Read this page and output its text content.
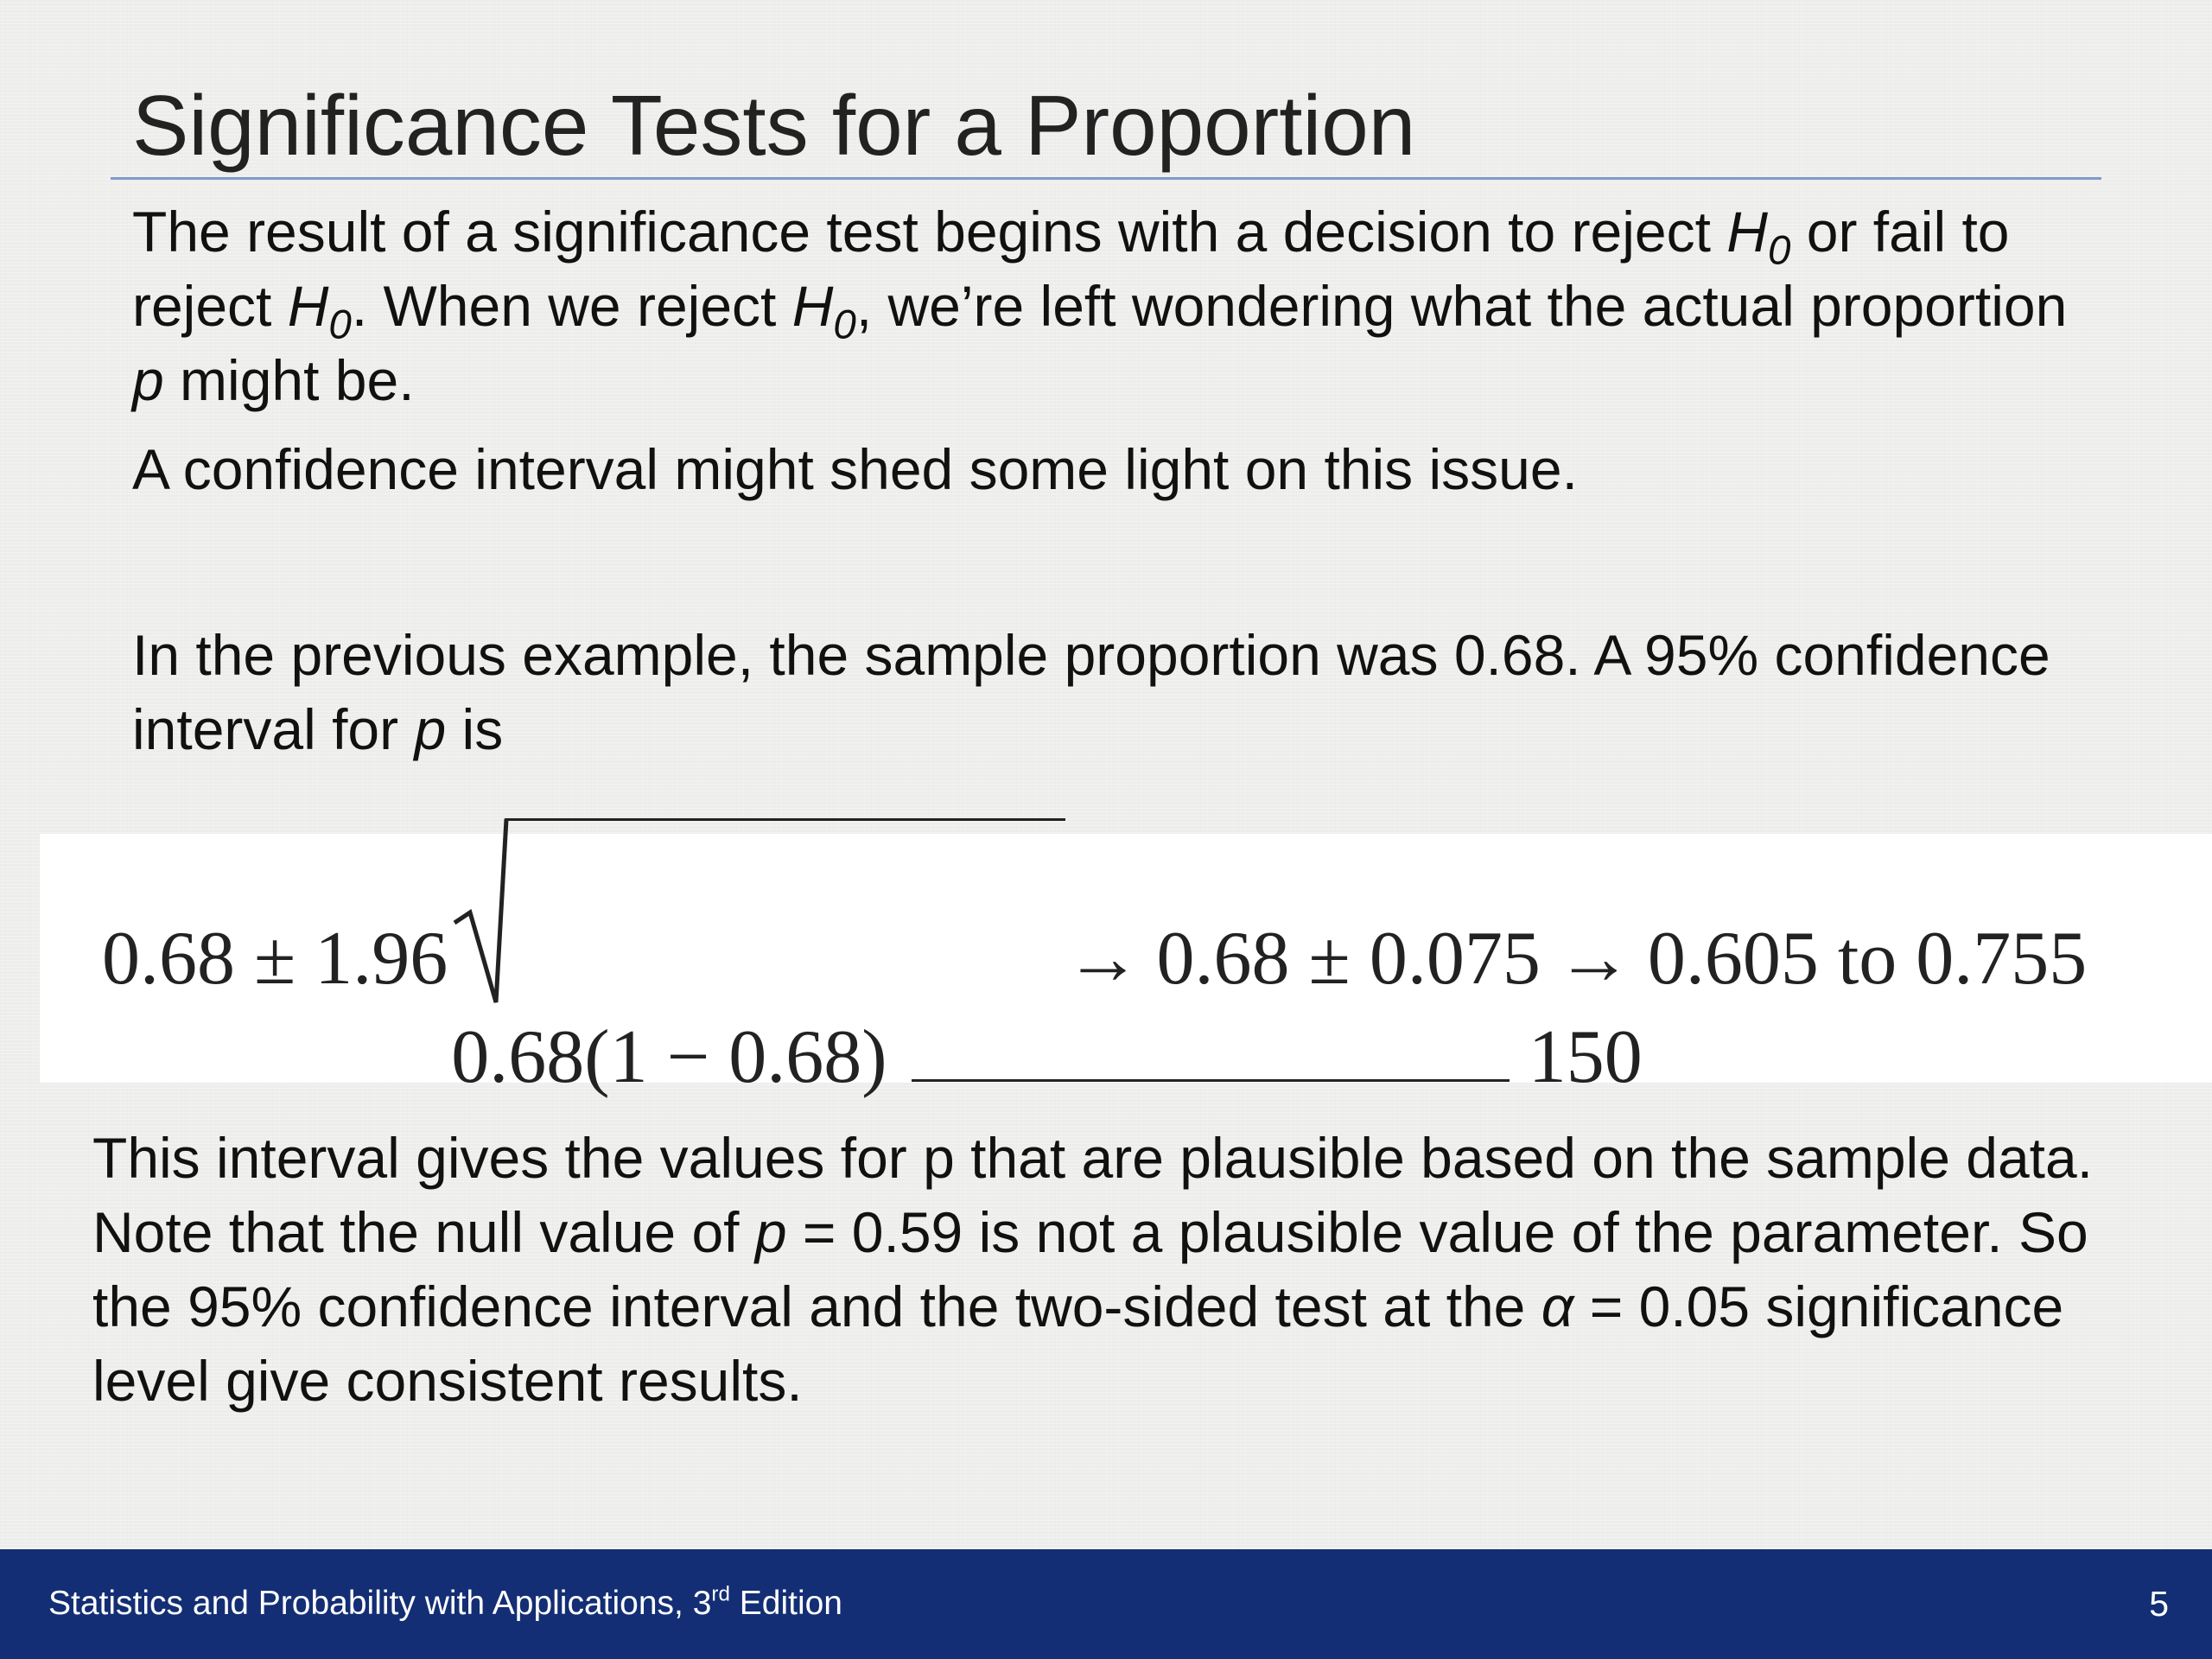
Significance Tests for a Proportion

The result of a significance test begins with a decision to reject $H_0$ or fail to reject $H_0$. When we reject $H_0$, we’re left wondering what the actual proportion p might be.

A confidence interval might shed some light on this issue.

In the previous example, the sample proportion was 0.68. A 95% confidence interval for p is

0.68 ± 1.96
0.68(1 − 0.68)	150
→ 0.68 ± 0.075 → 0.605 to 0.755

This interval gives the values for p that are plausible based on the sample data. Note that the null value of p = 0.59 is not a plausible value of the parameter. So the 95% confidence interval and the two-sided test at the α = 0.05 significance level give consistent results.

Statistics and Probability with Applications, 3rd Edition	5
